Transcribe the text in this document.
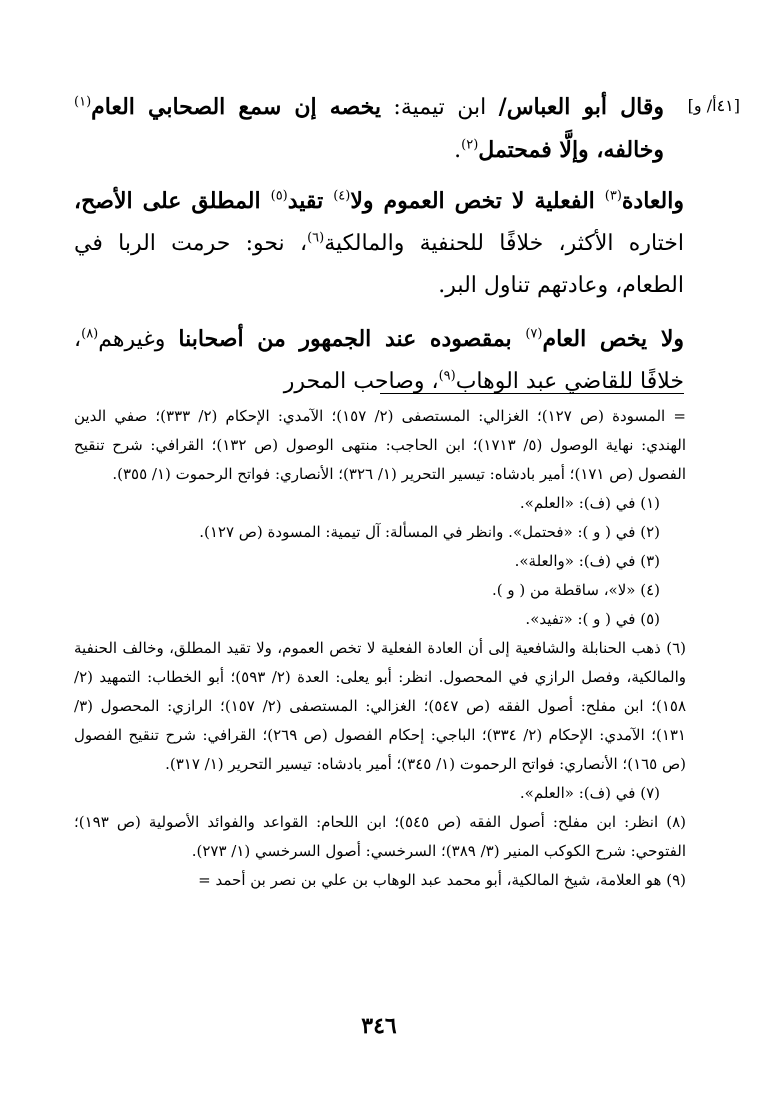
[٤١أ/ و]

وقال أبو العباس/ ابن تيمية: يخصه إن سمع الصحابي العام$^{(١)}$ وخالفه، وإلَّا فمحتمل$^{(٢)}$.

والعادة$^{(٣)}$ الفعلية لا تخص العموم ولا$^{(٤)}$ تقيد$^{(٥)}$ المطلق على الأصح، اختاره الأكثر، خلافًا للحنفية والمالكية$^{(٦)}$، نحو: حرمت الربا في الطعام، وعادتهم تناول البر.

ولا يخص العام$^{(٧)}$ بمقصوده عند الجمهور من أصحابنا وغيرهم$^{(٨)}$، خلافًا للقاضي عبد الوهاب$^{(٩)}$، وصاحب المحرر

= المسودة (ص ١٢٧)؛ الغزالي: المستصفى (٢/ ١٥٧)؛ الآمدي: الإحكام (٢/ ٣٣٣)؛ صفي الدين الهندي: نهاية الوصول (٥/ ١٧١٣)؛ ابن الحاجب: منتهى الوصول (ص ١٣٢)؛ القرافي: شرح تنقيح الفصول (ص ١٧١)؛ أمير بادشاه: تيسير التحرير (١/ ٣٢٦)؛ الأنصاري: فواتح الرحموت (١/ ٣٥٥).

(١) في (ف): «العلم».

(٢) في ( و ): «فحتمل». وانظر في المسألة: آل تيمية: المسودة (ص ١٢٧).

(٣) في (ف): «والعلة».

(٤) «لا»، ساقطة من ( و ).

(٥) في ( و ): «تفيد».

(٦) ذهب الحنابلة والشافعية إلى أن العادة الفعلية لا تخص العموم، ولا تقيد المطلق، وخالف الحنفية والمالكية، وفصل الرازي في المحصول. انظر: أبو يعلى: العدة (٢/ ٥٩٣)؛ أبو الخطاب: التمهيد (٢/ ١٥٨)؛ ابن مفلح: أصول الفقه (ص ٥٤٧)؛ الغزالي: المستصفى (٢/ ١٥٧)؛ الرازي: المحصول (٣/ ١٣١)؛ الآمدي: الإحكام (٢/ ٣٣٤)؛ الباجي: إحكام الفصول (ص ٢٦٩)؛ القرافي: شرح تنقيح الفصول (ص ١٦٥)؛ الأنصاري: فواتح الرحموت (١/ ٣٤٥)؛ أمير بادشاه: تيسير التحرير (١/ ٣١٧).

(٧) في (ف): «العلم».

(٨) انظر: ابن مفلح: أصول الفقه (ص ٥٤٥)؛ ابن اللحام: القواعد والفوائد الأصولية (ص ١٩٣)؛ الفتوحي: شرح الكوكب المنير (٣/ ٣٨٩)؛ السرخسي: أصول السرخسي (١/ ٢٧٣).

(٩) هو العلامة، شيخ المالكية، أبو محمد عبد الوهاب بن علي بن نصر بن أحمد =

٣٤٦
